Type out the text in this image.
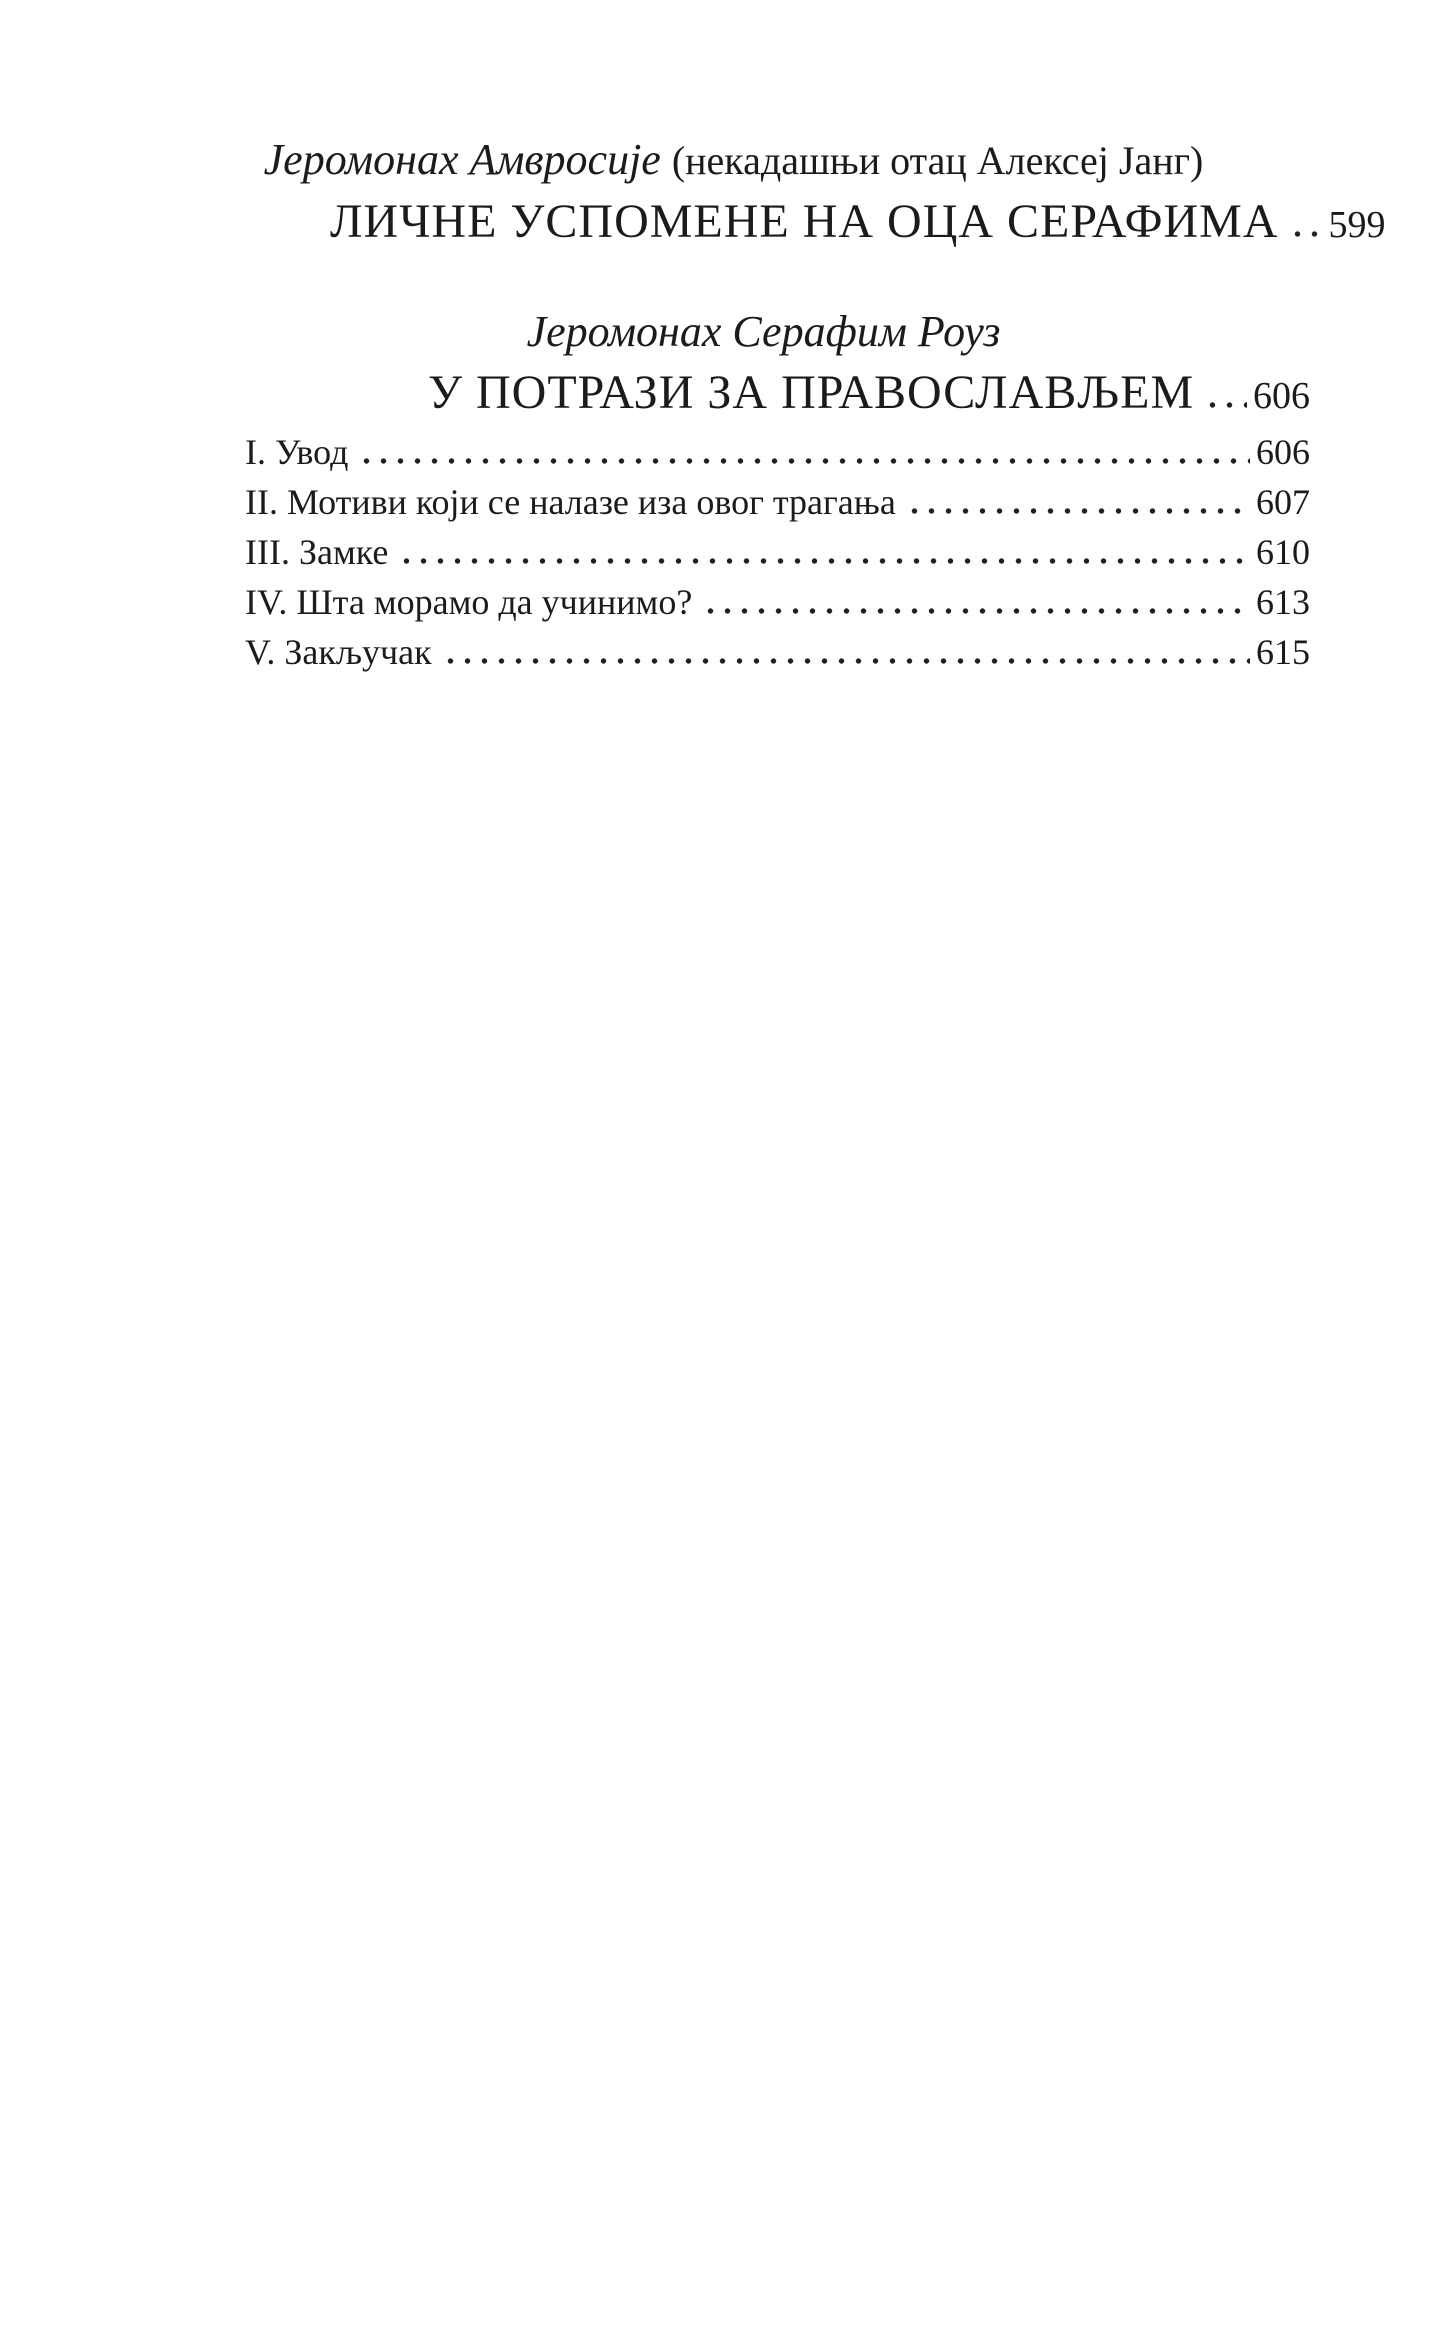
Јеромонах Амвросије (некадашњи отац Алексеј Јанг)
ЛИЧНЕ УСПОМЕНЕ НА ОЦА СЕРАФИМА 599
Јеромонах Серафим Роуз
У ПОТРАЗИ ЗА ПРАВОСЛАВЉЕМ 606
I. Увод	606
II. Мотиви који се налазе иза овог трагања	607
III. Замке	610
IV. Шта морамо да учинимо?	613
V. Закључак	615
